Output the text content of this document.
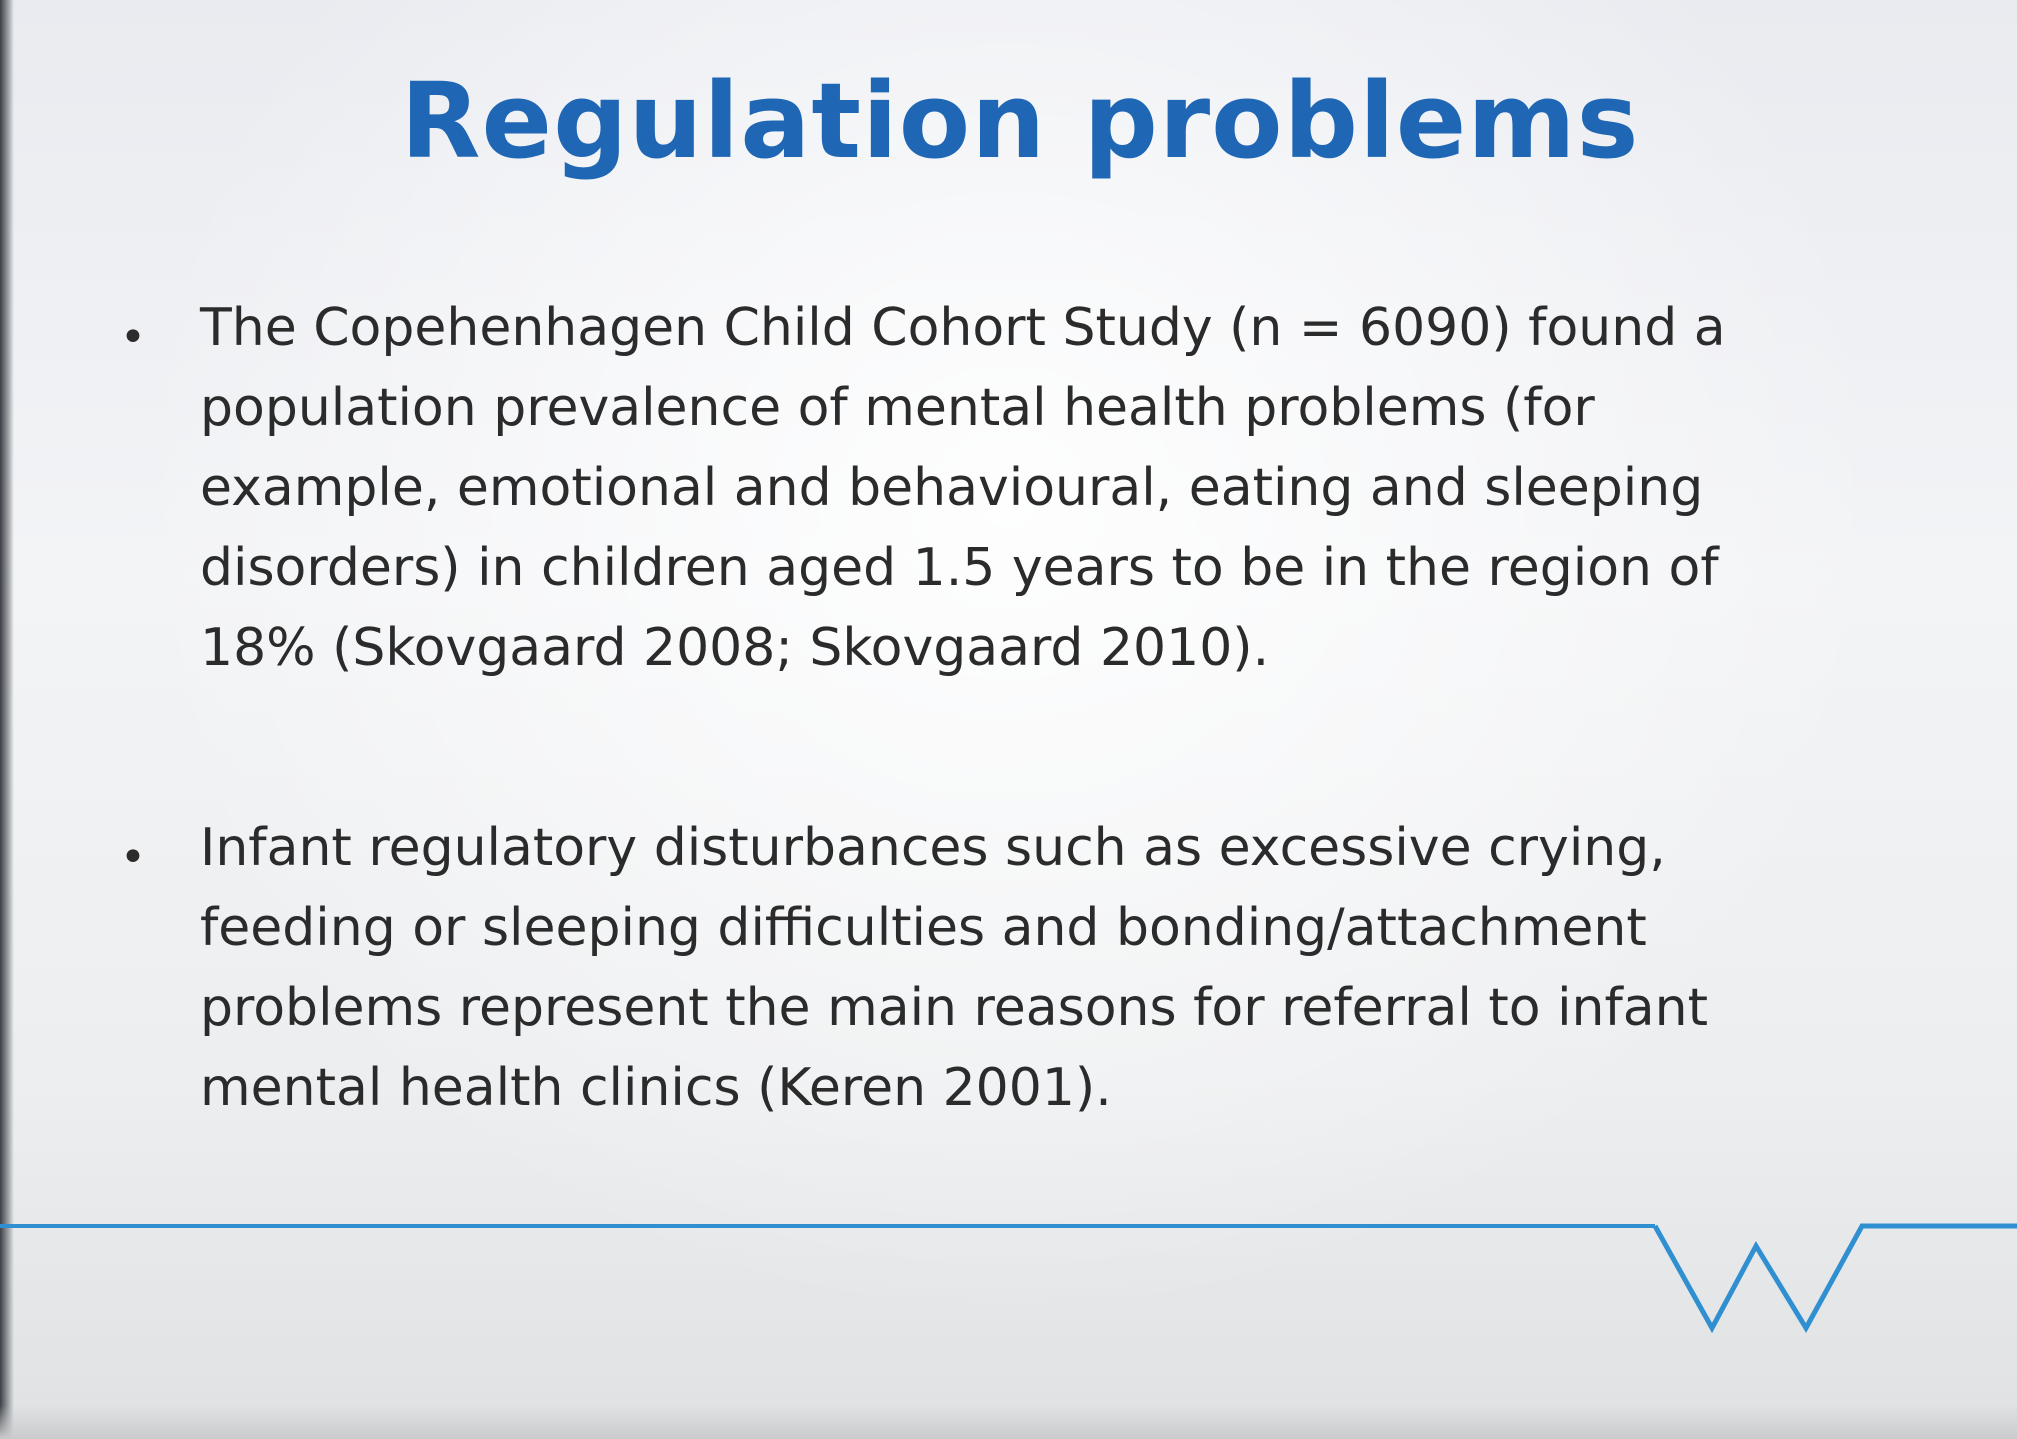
Regulation problems
• The Copehenhagen Child Cohort Study (n = 6090) found a
population prevalence of mental health problems (for
example, emotional and behavioural, eating and sleeping
disorders) in children aged 1.5 years to be in the region of
18% (Skovgaard 2008; Skovgaard 2010).

• Infant regulatory disturbances such as excessive crying,
feeding or sleeping difficulties and bonding/attachment
problems represent the main reasons for referral to infant
mental health clinics (Keren 2001).
